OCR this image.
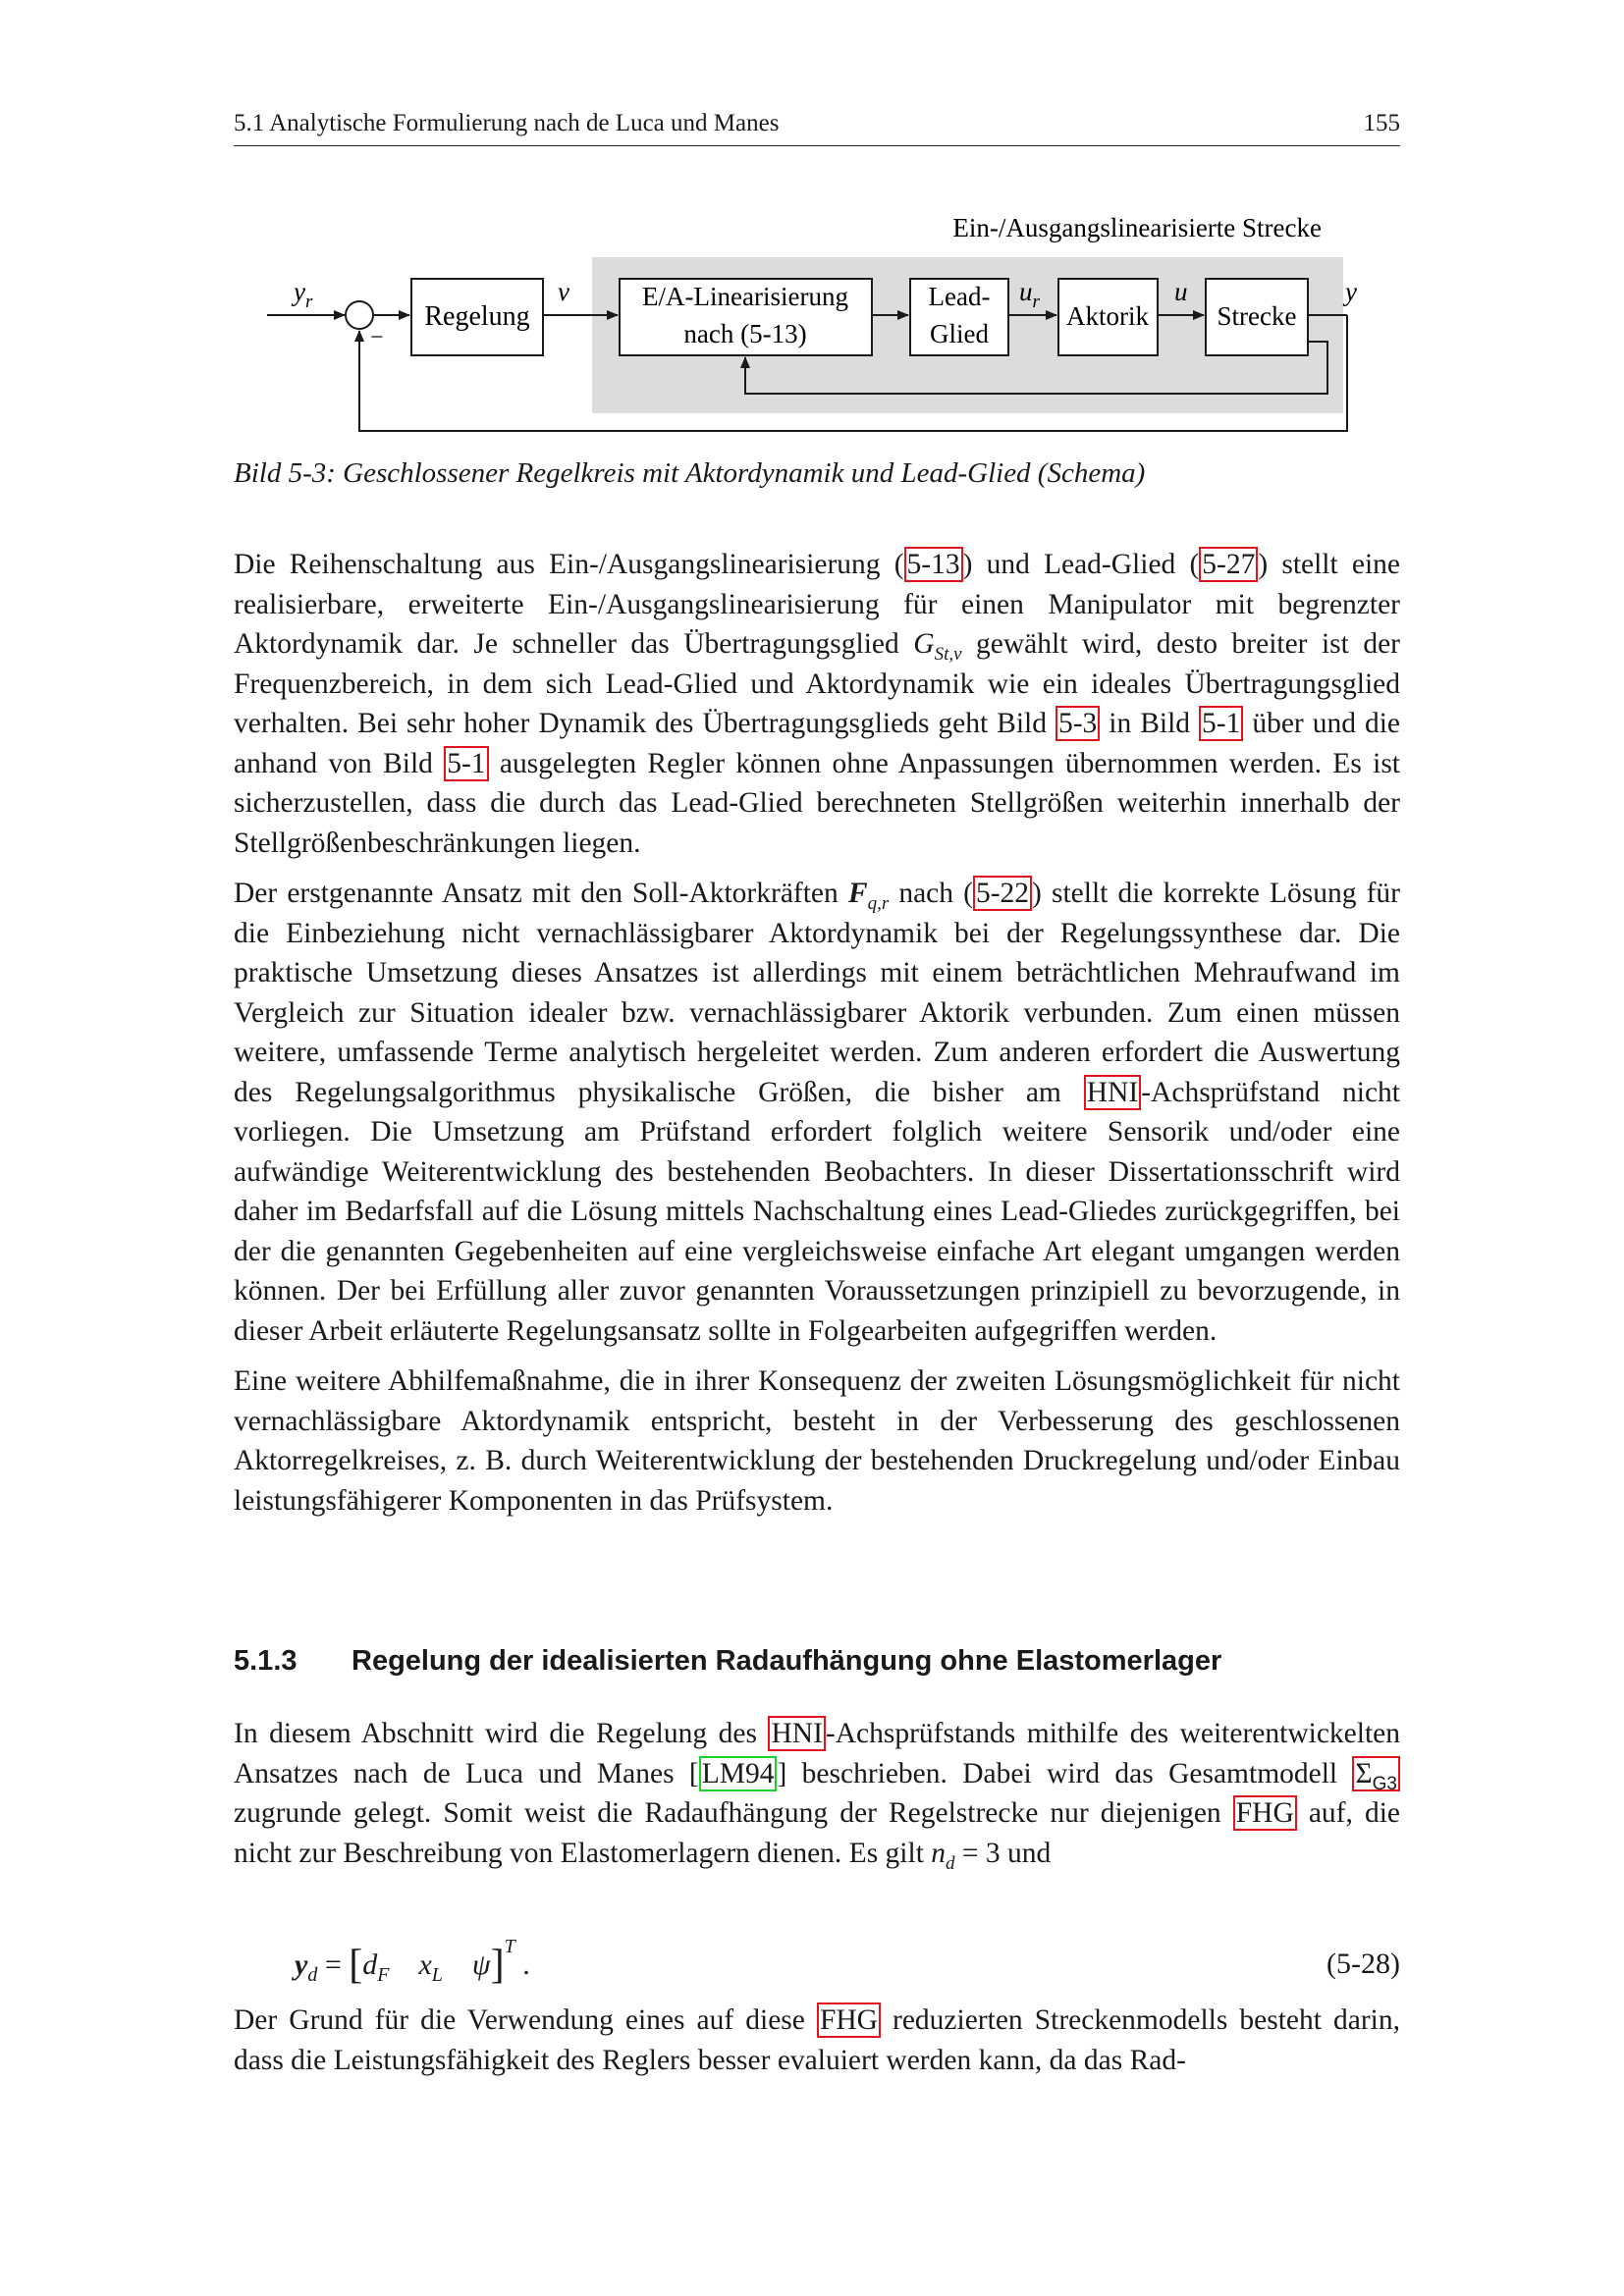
5.1 Analytische Formulierung nach de Luca und Manes	155
Ein-/Ausgangslinearisierte Strecke
$y_r$
−
Regelung
v	E/A-Linearisierung
nach (5-13)
Lead-
Glied
$u_r$ Aktorik
u
Strecke
y
Bild 5-3: Geschlossener Regelkreis mit Aktordynamik und Lead-Glied (Schema)

Die Reihenschaltung aus Ein-/Ausgangslinearisierung ( 5-13 ) und Lead-Glied ( 5-27 ) stellt eine realisierbare, erweiterte Ein-/Ausgangslinearisierung für einen Manipulator mit begrenzter Aktordynamik dar. Je schneller das Übertragungsglied $G_{St,v}$ gewählt wird, desto breiter ist der Frequenzbereich, in dem sich Lead-Glied und Aktordynamik wie ein ideales Übertragungsglied verhalten. Bei sehr hoher Dynamik des Übertragungsglieds geht Bild 5-3 in Bild 5-1 über und die anhand von Bild 5-1 ausgelegten Regler können ohne Anpassungen übernommen werden. Es ist sicherzustellen, dass die durch das Lead-Glied berechneten Stellgrößen weiterhin innerhalb der Stellgrößenbeschränkungen liegen.

Der erstgenannte Ansatz mit den Soll-Aktorkräften $F_{q,r}$ nach ( 5-22 ) stellt die korrekte Lösung für die Einbeziehung nicht vernachlässigbarer Aktordynamik bei der Regelungssynthese dar. Die praktische Umsetzung dieses Ansatzes ist allerdings mit einem beträchtlichen Mehraufwand im Vergleich zur Situation idealer bzw. vernachlässigbarer Aktorik verbunden. Zum einen müssen weitere, umfassende Terme analytisch hergeleitet werden. Zum anderen erfordert die Auswertung des Regelungsalgorithmus physikalische Größen, die bisher am HNI -Achsprüfstand nicht vorliegen. Die Umsetzung am Prüfstand erfordert folglich weitere Sensorik und/oder eine aufwändige Weiterentwicklung des bestehenden Beobachters. In dieser Dissertationsschrift wird daher im Bedarfsfall auf die Lösung mittels Nachschaltung eines Lead-Gliedes zurückgegriffen, bei der die genannten Gegebenheiten auf eine vergleichsweise einfache Art elegant umgangen werden können. Der bei Erfüllung aller zuvor genannten Voraussetzungen prinzipiell zu bevorzugende, in dieser Arbeit erläuterte Regelungsansatz sollte in Folgearbeiten aufgegriffen werden.

Eine weitere Abhilfemaßnahme, die in ihrer Konsequenz der zweiten Lösungsmöglichkeit für nicht vernachlässigbare Aktordynamik entspricht, besteht in der Verbesserung des geschlossenen Aktorregelkreises, z. B. durch Weiterentwicklung der bestehenden Druckregelung und/oder Einbau leistungsfähigerer Komponenten in das Prüfsystem.

5.1.3 Regelung der idealisierten Radaufhängung ohne Elastomerlager

In diesem Abschnitt wird die Regelung des HNI -Achsprüfstands mithilfe des weiterentwickelten Ansatzes nach de Luca und Manes [ LM94 ] beschrieben. Dabei wird das Gesamtmodell $\Sigma_{G3}$ zugrunde gelegt. Somit weist die Radaufhängung der Regelstrecke nur diejenigen FHG auf, die nicht zur Beschreibung von Elastomerlagern dienen. Es gilt $n_d = 3$ und

$y_d = [d_F$ $x_L$ ψ]$^T$ .	(5-28)

Der Grund für die Verwendung eines auf diese FHG reduzierten Streckenmodells besteht darin, dass die Leistungsfähigkeit des Reglers besser evaluiert werden kann, da das Rad-
